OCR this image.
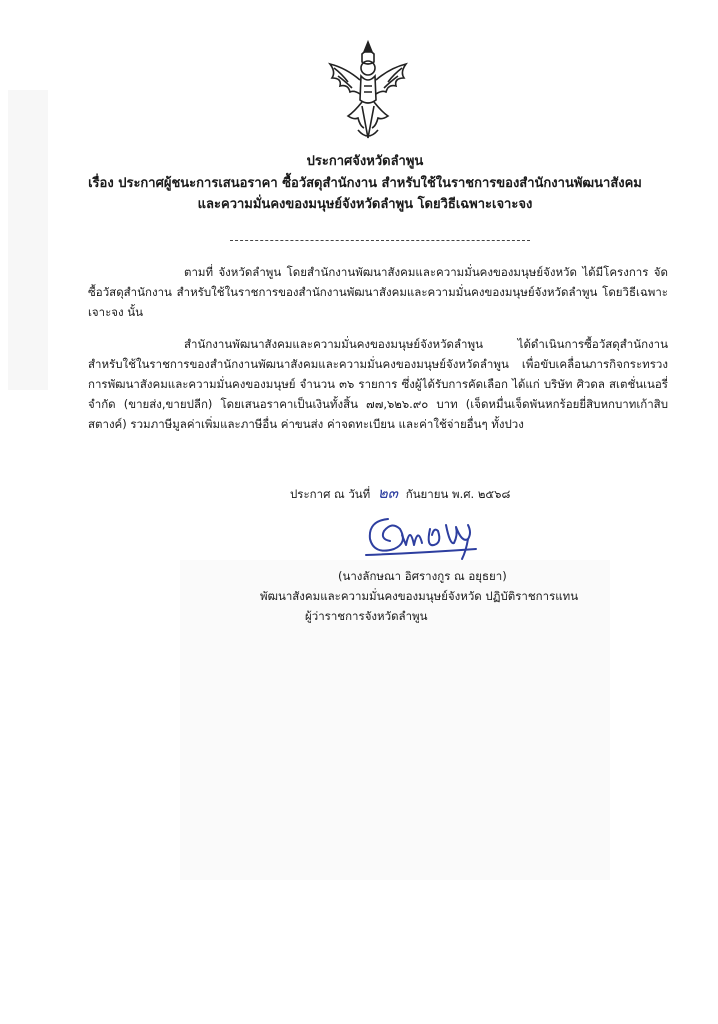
ประกาศจังหวัดลำพูน

เรื่อง ประกาศผู้ชนะการเสนอราคา ซื้อวัสดุสำนักงาน สำหรับใช้ในราชการของสำนักงานพัฒนาสังคม

และความมั่นคงของมนุษย์จังหวัดลำพูน โดยวิธีเฉพาะเจาะจง

ตามที่ จังหวัดลำพูน โดยสำนักงานพัฒนาสังคมและความมั่นคงของมนุษย์จังหวัด ได้มีโครงการ จัดซื้อวัสดุสำนักงาน สำหรับใช้ในราชการของสำนักงานพัฒนาสังคมและความมั่นคงของมนุษย์จังหวัดลำพูน โดยวิธีเฉพาะเจาะจง นั้น

สำนักงานพัฒนาสังคมและความมั่นคงของมนุษย์จังหวัดลำพูน ได้ดำเนินการซื้อวัสดุสำนักงาน สำหรับใช้ในราชการของสำนักงานพัฒนาสังคมและความมั่นคงของมนุษย์จังหวัดลำพูน เพื่อขับเคลื่อนภารกิจกระทรวงการพัฒนาสังคมและความมั่นคงของมนุษย์ จำนวน ๓๖ รายการ ซึ่งผู้ได้รับการคัดเลือก ได้แก่ บริษัท ศิวดล สเตชั่นเนอรี่ จำกัด (ขายส่ง,ขายปลีก) โดยเสนอราคาเป็นเงินทั้งสิ้น ๗๗,๖๒๖.๙๐ บาท (เจ็ดหมื่นเจ็ดพันหกร้อยยี่สิบหกบาทเก้าสิบสตางค์) รวมภาษีมูลค่าเพิ่มและภาษีอื่น ค่าขนส่ง ค่าจดทะเบียน และค่าใช้จ่ายอื่นๆ ทั้งปวง

ประกาศ ณ วันที่ ๒๓ กันยายน พ.ศ. ๒๕๖๘
(นางลักษณา อิศรางกูร ณ อยุธยา)
พัฒนาสังคมและความมั่นคงของมนุษย์จังหวัด ปฏิบัติราชการแทน
ผู้ว่าราชการจังหวัดลำพูน
